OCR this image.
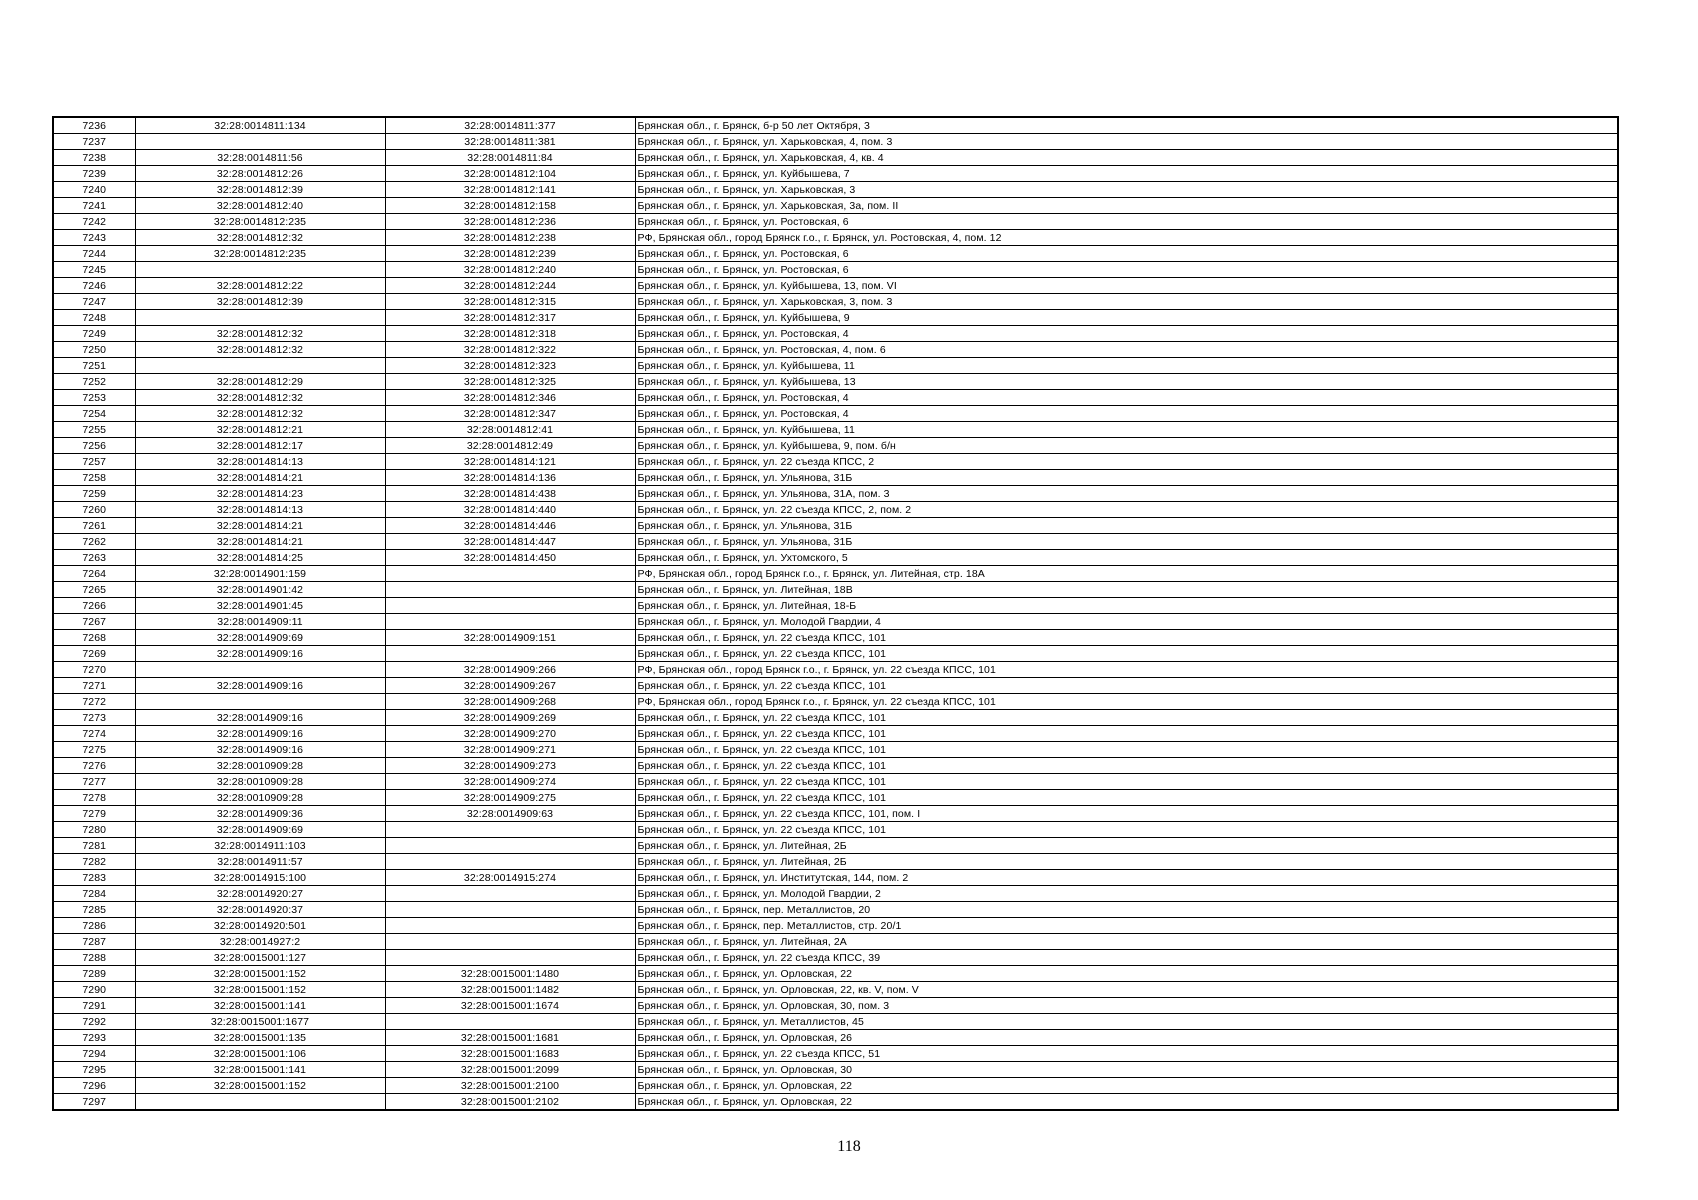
7236	32:28:0014811:134	32:28:0014811:377	Брянская обл., г. Брянск, б-р 50 лет Октября, 3
7237		32:28:0014811:381	Брянская обл., г. Брянск, ул. Харьковская, 4, пом. 3
7238	32:28:0014811:56	32:28:0014811:84	Брянская обл., г. Брянск, ул. Харьковская, 4, кв. 4
7239	32:28:0014812:26	32:28:0014812:104	Брянская обл., г. Брянск, ул. Куйбышева, 7
7240	32:28:0014812:39	32:28:0014812:141	Брянская обл., г. Брянск, ул. Харьковская, 3
7241	32:28:0014812:40	32:28:0014812:158	Брянская обл., г. Брянск, ул. Харьковская, 3а, пом. II
7242	32:28:0014812:235	32:28:0014812:236	Брянская обл., г. Брянск, ул. Ростовская, 6
7243	32:28:0014812:32	32:28:0014812:238	РФ, Брянская обл., город Брянск г.о., г. Брянск, ул. Ростовская, 4, пом. 12
7244	32:28:0014812:235	32:28:0014812:239	Брянская обл., г. Брянск, ул. Ростовская, 6
7245		32:28:0014812:240	Брянская обл., г. Брянск, ул. Ростовская, 6
7246	32:28:0014812:22	32:28:0014812:244	Брянская обл., г. Брянск, ул. Куйбышева, 13, пом. VI
7247	32:28:0014812:39	32:28:0014812:315	Брянская обл., г. Брянск, ул. Харьковская, 3, пом. 3
7248		32:28:0014812:317	Брянская обл., г. Брянск, ул. Куйбышева, 9
7249	32:28:0014812:32	32:28:0014812:318	Брянская обл., г. Брянск, ул. Ростовская, 4
7250	32:28:0014812:32	32:28:0014812:322	Брянская обл., г. Брянск, ул. Ростовская, 4, пом. 6
7251		32:28:0014812:323	Брянская обл., г. Брянск, ул. Куйбышева, 11
7252	32:28:0014812:29	32:28:0014812:325	Брянская обл., г. Брянск, ул. Куйбышева, 13
7253	32:28:0014812:32	32:28:0014812:346	Брянская обл., г. Брянск, ул. Ростовская, 4
7254	32:28:0014812:32	32:28:0014812:347	Брянская обл., г. Брянск, ул. Ростовская, 4
7255	32:28:0014812:21	32:28:0014812:41	Брянская обл., г. Брянск, ул. Куйбышева, 11
7256	32:28:0014812:17	32:28:0014812:49	Брянская обл., г. Брянск, ул. Куйбышева, 9, пом. б/н
7257	32:28:0014814:13	32:28:0014814:121	Брянская обл., г. Брянск, ул. 22 съезда КПСС, 2
7258	32:28:0014814:21	32:28:0014814:136	Брянская обл., г. Брянск, ул. Ульянова, 31Б
7259	32:28:0014814:23	32:28:0014814:438	Брянская обл., г. Брянск, ул. Ульянова, 31А, пом. 3
7260	32:28:0014814:13	32:28:0014814:440	Брянская обл., г. Брянск, ул. 22 съезда КПСС, 2, пом. 2
7261	32:28:0014814:21	32:28:0014814:446	Брянская обл., г. Брянск, ул. Ульянова, 31Б
7262	32:28:0014814:21	32:28:0014814:447	Брянская обл., г. Брянск, ул. Ульянова, 31Б
7263	32:28:0014814:25	32:28:0014814:450	Брянская обл., г. Брянск, ул. Ухтомского, 5
7264	32:28:0014901:159		РФ, Брянская обл., город Брянск г.о., г. Брянск, ул. Литейная, стр. 18А
7265	32:28:0014901:42		Брянская обл., г. Брянск, ул. Литейная, 18В
7266	32:28:0014901:45		Брянская обл., г. Брянск, ул. Литейная, 18-Б
7267	32:28:0014909:11		Брянская обл., г. Брянск, ул. Молодой Гвардии, 4
7268	32:28:0014909:69	32:28:0014909:151	Брянская обл., г. Брянск, ул. 22 съезда КПСС, 101
7269	32:28:0014909:16		Брянская обл., г. Брянск, ул. 22 съезда КПСС, 101
7270		32:28:0014909:266	РФ, Брянская обл., город Брянск г.о., г. Брянск, ул. 22 съезда КПСС, 101
7271	32:28:0014909:16	32:28:0014909:267	Брянская обл., г. Брянск, ул. 22 съезда КПСС, 101
7272		32:28:0014909:268	РФ, Брянская обл., город Брянск г.о., г. Брянск, ул. 22 съезда КПСС, 101
7273	32:28:0014909:16	32:28:0014909:269	Брянская обл., г. Брянск, ул. 22 съезда КПСС, 101
7274	32:28:0014909:16	32:28:0014909:270	Брянская обл., г. Брянск, ул. 22 съезда КПСС, 101
7275	32:28:0014909:16	32:28:0014909:271	Брянская обл., г. Брянск, ул. 22 съезда КПСС, 101
7276	32:28:0010909:28	32:28:0014909:273	Брянская обл., г. Брянск, ул. 22 съезда КПСС, 101
7277	32:28:0010909:28	32:28:0014909:274	Брянская обл., г. Брянск, ул. 22 съезда КПСС, 101
7278	32:28:0010909:28	32:28:0014909:275	Брянская обл., г. Брянск, ул. 22 съезда КПСС, 101
7279	32:28:0014909:36	32:28:0014909:63	Брянская обл., г. Брянск, ул. 22 съезда КПСС, 101, пом. I
7280	32:28:0014909:69		Брянская обл., г. Брянск, ул. 22 съезда КПСС, 101
7281	32:28:0014911:103		Брянская обл., г. Брянск, ул. Литейная, 2Б
7282	32:28:0014911:57		Брянская обл., г. Брянск, ул. Литейная, 2Б
7283	32:28:0014915:100	32:28:0014915:274	Брянская обл., г. Брянск, ул. Институтская, 144, пом. 2
7284	32:28:0014920:27		Брянская обл., г. Брянск, ул. Молодой Гвардии, 2
7285	32:28:0014920:37		Брянская обл., г. Брянск, пер. Металлистов, 20
7286	32:28:0014920:501		Брянская обл., г. Брянск, пер. Металлистов, стр. 20/1
7287	32:28:0014927:2		Брянская обл., г. Брянск, ул. Литейная, 2А
7288	32:28:0015001:127		Брянская обл., г. Брянск, ул. 22 съезда КПСС, 39
7289	32:28:0015001:152	32:28:0015001:1480	Брянская обл., г. Брянск, ул. Орловская, 22
7290	32:28:0015001:152	32:28:0015001:1482	Брянская обл., г. Брянск, ул. Орловская, 22, кв. V, пом. V
7291	32:28:0015001:141	32:28:0015001:1674	Брянская обл., г. Брянск, ул. Орловская, 30, пом. 3
7292	32:28:0015001:1677		Брянская обл., г. Брянск, ул. Металлистов, 45
7293	32:28:0015001:135	32:28:0015001:1681	Брянская обл., г. Брянск, ул. Орловская, 26
7294	32:28:0015001:106	32:28:0015001:1683	Брянская обл., г. Брянск, ул. 22 съезда КПСС, 51
7295	32:28:0015001:141	32:28:0015001:2099	Брянская обл., г. Брянск, ул. Орловская, 30
7296	32:28:0015001:152	32:28:0015001:2100	Брянская обл., г. Брянск, ул. Орловская, 22
7297		32:28:0015001:2102	Брянская обл., г. Брянск, ул. Орловская, 22
118
